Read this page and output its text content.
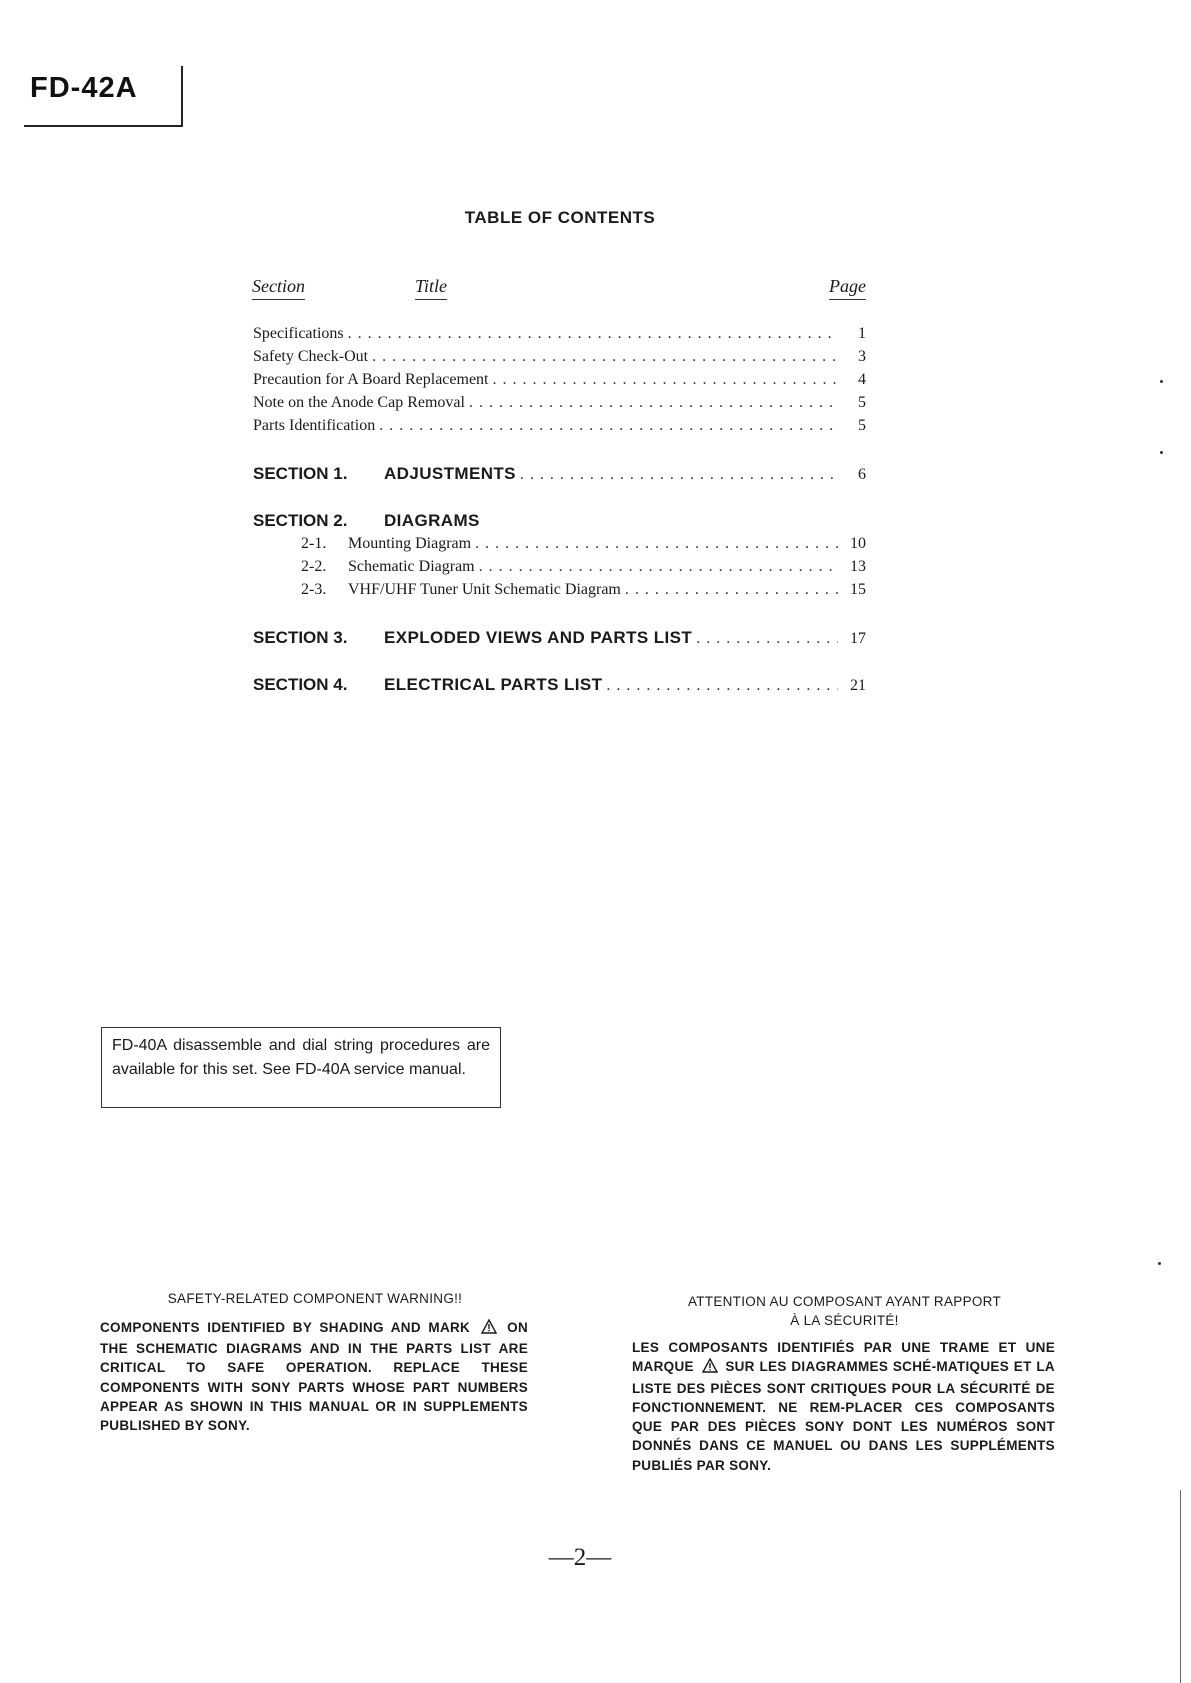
FD-42A
TABLE OF CONTENTS
Section	Title	Page
Specifications . . .	1
Safety Check-Out . . .	3
Precaution for A Board Replacement . . .	4
Note on the Anode Cap Removal . . .	5
Parts Identification . . .	5
SECTION 1.	ADJUSTMENTS . . .	6
SECTION 2.	DIAGRAMS
2-1.	Mounting Diagram . . .	10
2-2.	Schematic Diagram . . .	13
2-3.	VHF/UHF Tuner Unit Schematic Diagram . . .	15
SECTION 3.	EXPLODED VIEWS AND PARTS LIST . . .	17
SECTION 4.	ELECTRICAL PARTS LIST . . .	21
FD-40A disassemble and dial string procedures are available for this set. See FD-40A service manual.
SAFETY-RELATED COMPONENT WARNING!!
COMPONENTS IDENTIFIED BY SHADING AND MARK	ON THE SCHEMATIC DIAGRAMS AND IN THE PARTS LIST ARE CRITICAL TO SAFE OPERATION. REPLACE THESE COMPONENTS WITH SONY PARTS WHOSE PART NUMBERS APPEAR AS SHOWN IN THIS MANUAL OR IN SUPPLEMENTS PUBLISHED BY SONY.
ATTENTION AU COMPOSANT AYANT RAPPORT
À LA SÉCURITÉ!
LES COMPOSANTS IDENTIFIÉS PAR UNE TRAME ET UNE MARQUE SUR LES DIAGRAMMES SCHÉ-MATIQUES ET LA LISTE DES PIÈCES SONT CRITIQUES POUR LA SÉCURITÉ DE FONCTIONNEMENT. NE REM-PLACER CES COMPOSANTS QUE PAR DES PIÈCES SONY DONT LES NUMÉROS SONT DONNÉS DANS CE MANUEL OU DANS LES SUPPLÉMENTS PUBLIÉS PAR SONY.
—2—
